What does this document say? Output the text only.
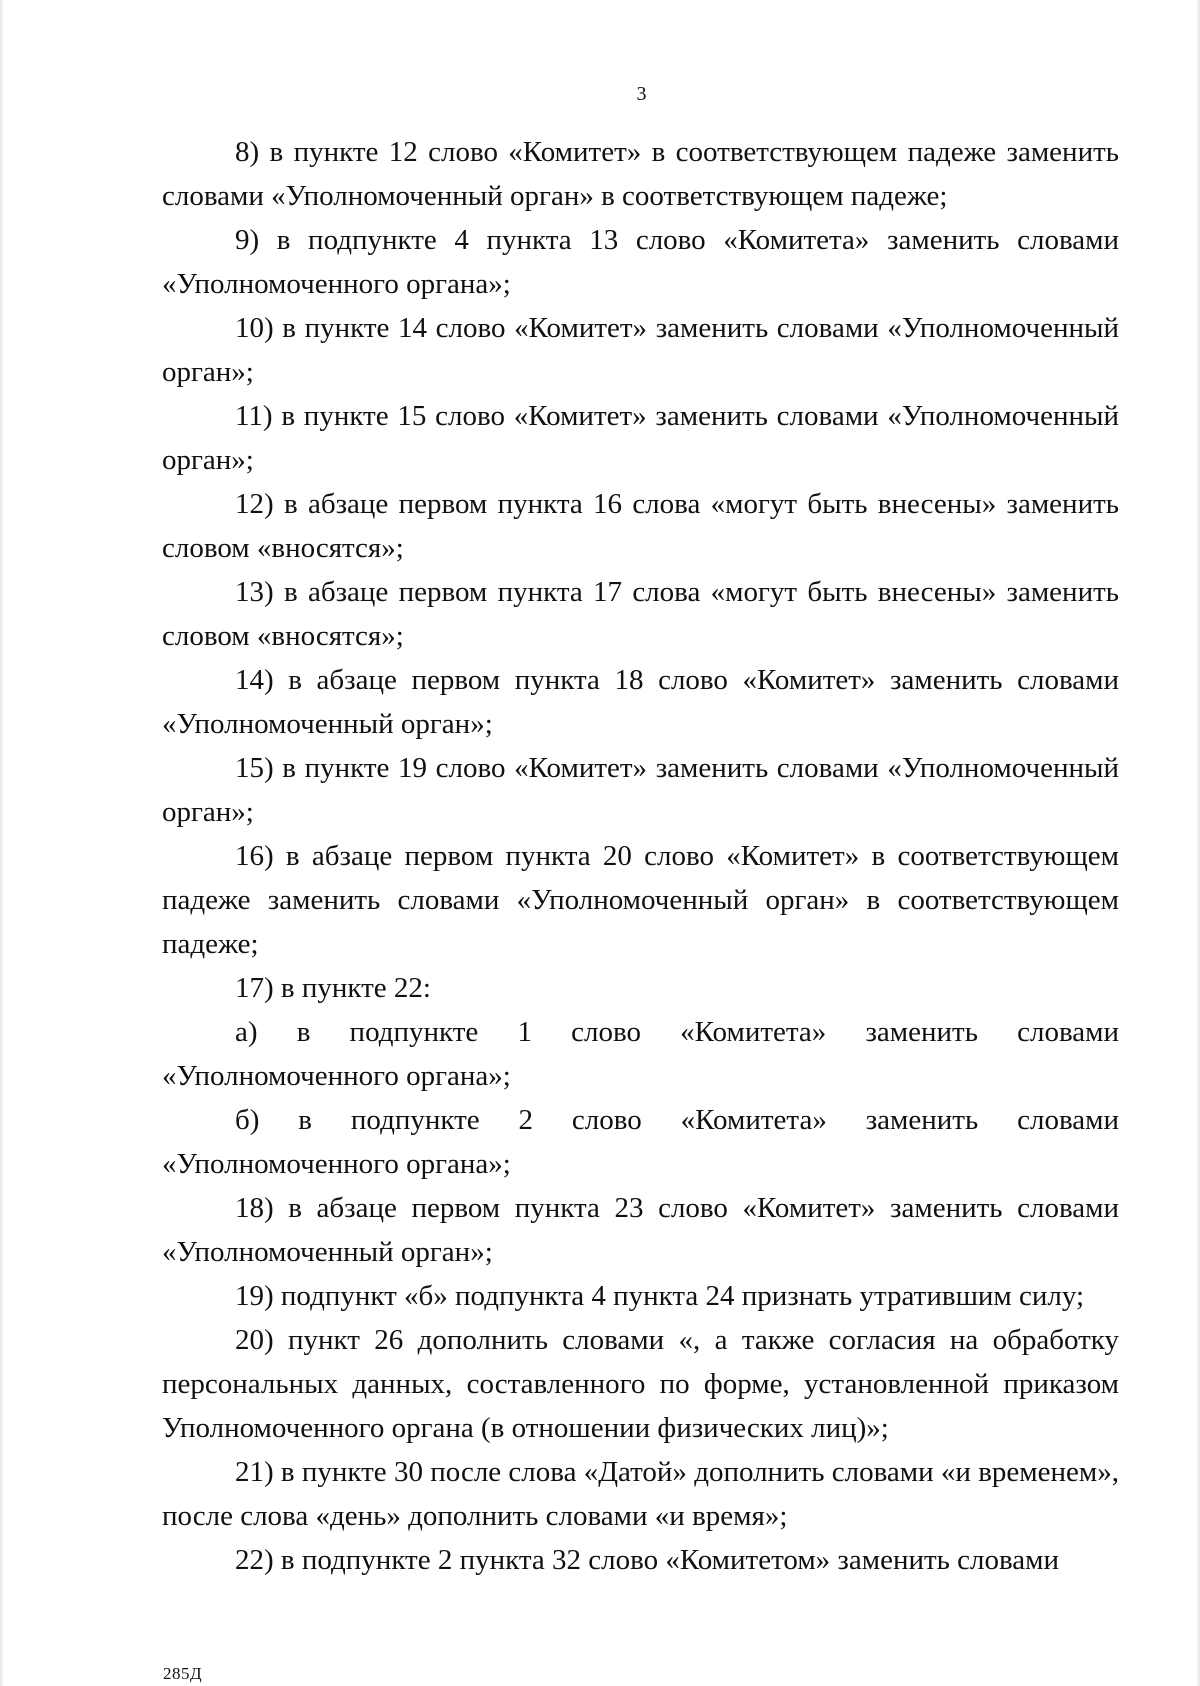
3

8) в пункте 12 слово «Комитет» в соответствующем падеже заменить словами «Уполномоченный орган» в соответствующем падеже;

9) в подпункте 4 пункта 13 слово «Комитета» заменить словами «Уполномоченного органа»;

10) в пункте 14 слово «Комитет» заменить словами «Уполномоченный орган»;

11) в пункте 15 слово «Комитет» заменить словами «Уполномоченный орган»;

12) в абзаце первом пункта 16 слова «могут быть внесены» заменить словом «вносятся»;

13) в абзаце первом пункта 17 слова «могут быть внесены» заменить словом «вносятся»;

14) в абзаце первом пункта 18 слово «Комитет» заменить словами «Уполномоченный орган»;

15) в пункте 19 слово «Комитет» заменить словами «Уполномоченный орган»;

16) в абзаце первом пункта 20 слово «Комитет» в соответствующем падеже заменить словами «Уполномоченный орган» в соответствующем падеже;

17) в пункте 22:

а) в подпункте 1 слово «Комитета» заменить словами «Уполномоченного органа»;

б) в подпункте 2 слово «Комитета» заменить словами «Уполномоченного органа»;

18) в абзаце первом пункта 23 слово «Комитет» заменить словами «Уполномоченный орган»;

19) подпункт «б» подпункта 4 пункта 24 признать утратившим силу;

20) пункт 26 дополнить словами «, а также согласия на обработку персональных данных, составленного по форме, установленной приказом Уполномоченного органа (в отношении физических лиц)»;

21) в пункте 30 после слова «Датой» дополнить словами «и временем», после слова «день» дополнить словами «и время»;

22) в подпункте 2 пункта 32 слово «Комитетом» заменить словами

285Д
